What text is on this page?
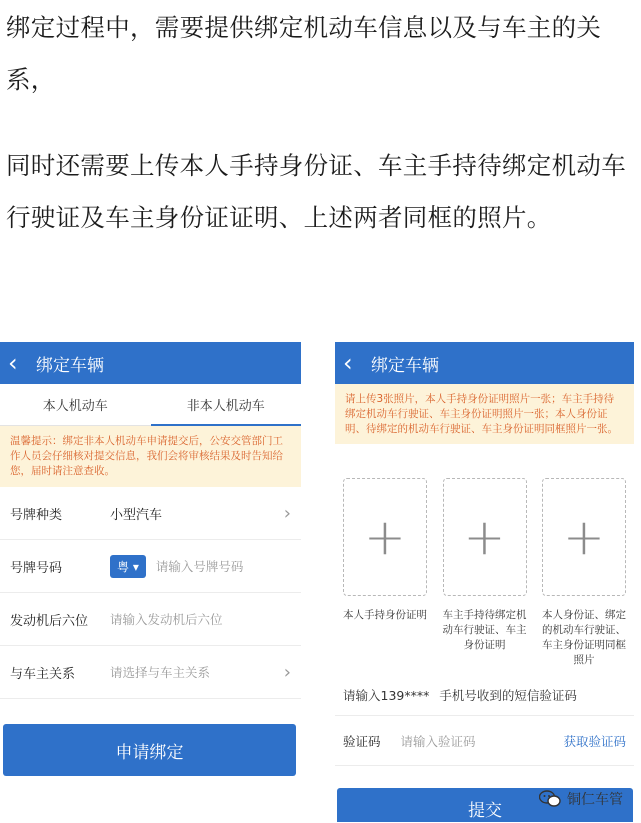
绑定过程中，需要提供绑定机动车信息以及与车主的关系，

同时还需要上传本人手持身份证、车主手持待绑定机动车行驶证及车主身份证证明、上述两者同框的照片。

‹	绑定车辆
本人机动车	非本人机动车
温馨提示：绑定非本人机动车申请提交后，公安交管部门工作人员会仔细核对提交信息，我们会将审核结果及时告知给您，届时请注意查收。
号牌种类	小型汽车	›
号牌号码	粤 ▾	请输入号牌号码
发动机后六位	请输入发动机后六位
与车主关系	请选择与车主关系	›
申请绑定
‹	绑定车辆
请上传3张照片，本人手持身份证明照片一张；车主手持待绑定机动车行驶证、车主身份证明照片一张；本人身份证明、待绑定的机动车行驶证、车主身份证明同框照片一张。
+
本人手持身份证明
+
车主手持待绑定机动车行驶证、车主身份证明
+
本人身份证、绑定的机动车行驶证、车主身份证明同框照片
请输入139**** 手机号收到的短信验证码
验证码 请输入验证码	获取验证码
提交
铜仁车管
